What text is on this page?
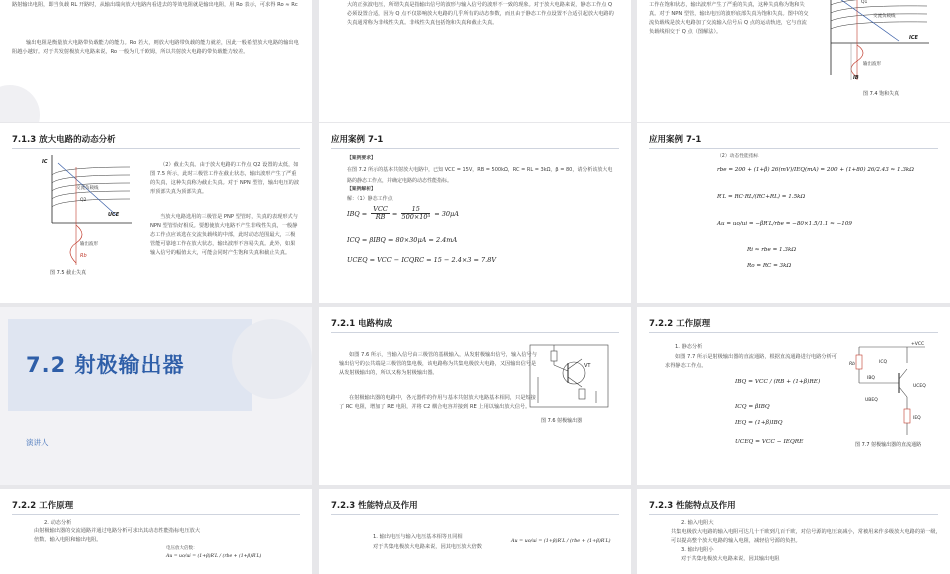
路射输出电阻，即当负载 RL 开路时，从输出端向放大电路内看进去的等效电阻就是输出电阻，用 Ro 表示，可求得 Ro ≈ Rc
输出电阻是衡量放大电路带负载能力的能力。Ro 若大，则放大电路带负载的能力就差，因此一般希望放大电路的输出电阻越小越好。对于共发射极放大电路来说，Ro 一般为几千欧姆，所以共射放大电路的带负载能力较差。
大的正弦波电压，所谓失真是指输出信号的波形与输入信号的波形不一致的现象。对于放大电路来说，静态工作点 Q 必须设置合适，因为 Q 点不仅影响放大电路的几乎所有的动态参数，而且由于静态工作点设置不合适引起放大电路的失真通常称为非线性失真。非线性失真包括饱和失真和截止失真。
工作在饱和状态，输出波形产生了严重的失真，这种失真称为饱和失真。对于 NPN 型管，输出电压的波形底部失真为饱和失真。图中的交流负载线是放大电路加了交流输入信号后 Q 点的运动轨迹，它与直流负载线相交于 Q 点（图解法）。
Q1
交流负载线
ICE
输出波形
IB
图 7.4 饱和失真
7.1.3 放大电路的动态分析
IC
交流负载线
Q2
UCE
输出波形
Rb
图 7.5 截止失真
（2）截止失真。由于放大电路的工作点 Q2 设置的太低，如图 7.5 所示，此时三极管工作在截止状态，输出波形产生了严重的失真，这种失真称为截止失真。对于 NPN 型管，输出电压的波形顶部失真为顶部失真。
当放大电路选用的三极管是 PNP 型管时，失真的表现形式与 NPN 型管恰好相反。要想使放大电路不产生非线性失真，一般静态工作点应该选在交流负载线的中部，此时动态范围最大，三极管能可靠地工作在放大状态，输出波形不容易失真。此外，如果输入信号的幅值太大，可能会同时产生饱和失真和截止失真。
应用案例 7-1
【案例要求】
在图 7.2 所示的基本共射放大电路中，已知 VCC = 15V，RB = 500kΩ，RC = RL = 3kΩ，β = 80，请分析该放大电路的静态工作点，并确定电路的动态性能指标。
【案例解析】
解：（1）静态工作点
IBQ = $\frac{\text{VCC}}{RB} = \frac{15}{\text{500×10³}} = 30\mu A$
ICQ = βIBQ = 80×30μA = 2.4mA
UCEQ = VCC − ICQRC = 15 − 2.4×3 = 7.8V
应用案例 7-1
（2）动态性能指标
rbe = 200 + (1+β) 26(mV)/IEQ(mA) = 200 + (1+80) 26/2.43 ≈ 1.3kΩ
R′L = RC·RL/(RC+RL) = 1.5kΩ
Au = uo/ui = −βR′L/rbe = −80×1.5/1.1 ≈ −109
Ri ≈ rbe = 1.3kΩ
Ro = RC = 3kΩ
7.2 射极输出器
演讲人
7.2.1 电路构成
如图 7.6 所示，当输入信号由三极管的基极输入，从发射极输出信号，输入信号与输出信号的公共端是三极管的集电极，该电路称为共集电极放大电路，又因输出信号是从发射极输出的，所以又称为射极输出器。
在射极输出器的电路中，各元器件的作用与基本共射放大电路基本相同，只是短接了 RC 电阻，增加了 RE 电阻，并将 C2 耦合电容并接到 RE 上用以输出放大信号。
VT
图 7.6 射极输出器
7.2.2 工作原理
1. 静态分析
如图 7.7 所示是射极输出器的直流通路，根据直流通路进行电路分析可求得静态工作点。
IBQ = VCC / (RB + (1+β)RE)
ICQ = βIBQ
IEQ = (1+β)IBQ
UCEQ = VCC − IEQRE
+VCC
ICQ
IBQ
UCEQ
UBEQ
IEQ
Rb
图 7.7 射极输出器的直流通路
7.2.2 工作原理
2. 动态分析
由射极输出器的交流通路并通过电路分析可求出其动态性能指标电压放大倍数、输入电阻和输出电阻。
电压放大倍数：
Au = uo/ui = (1+β)R′L / (rbe + (1+β)R′L)
7.2.3 性能特点及作用
1. 输出电压与输入电压基本相等且同相
对于共集电极放大电路来说，因其电压放大倍数
Au = uo/ui = (1+β)R′L / (rbe + (1+β)R′L)
7.2.3 性能特点及作用
2. 输入电阻大
共集电极放大电路的输入电阻可达几十千欧到几百千欧，对信号源的电压衰减小，常被用来作多级放大电路的第一级，可以提高整个放大电路的输入电阻，减轻信号源的负担。
3. 输出电阻小
对于共集电极放大电路来说，因其输出电阻
